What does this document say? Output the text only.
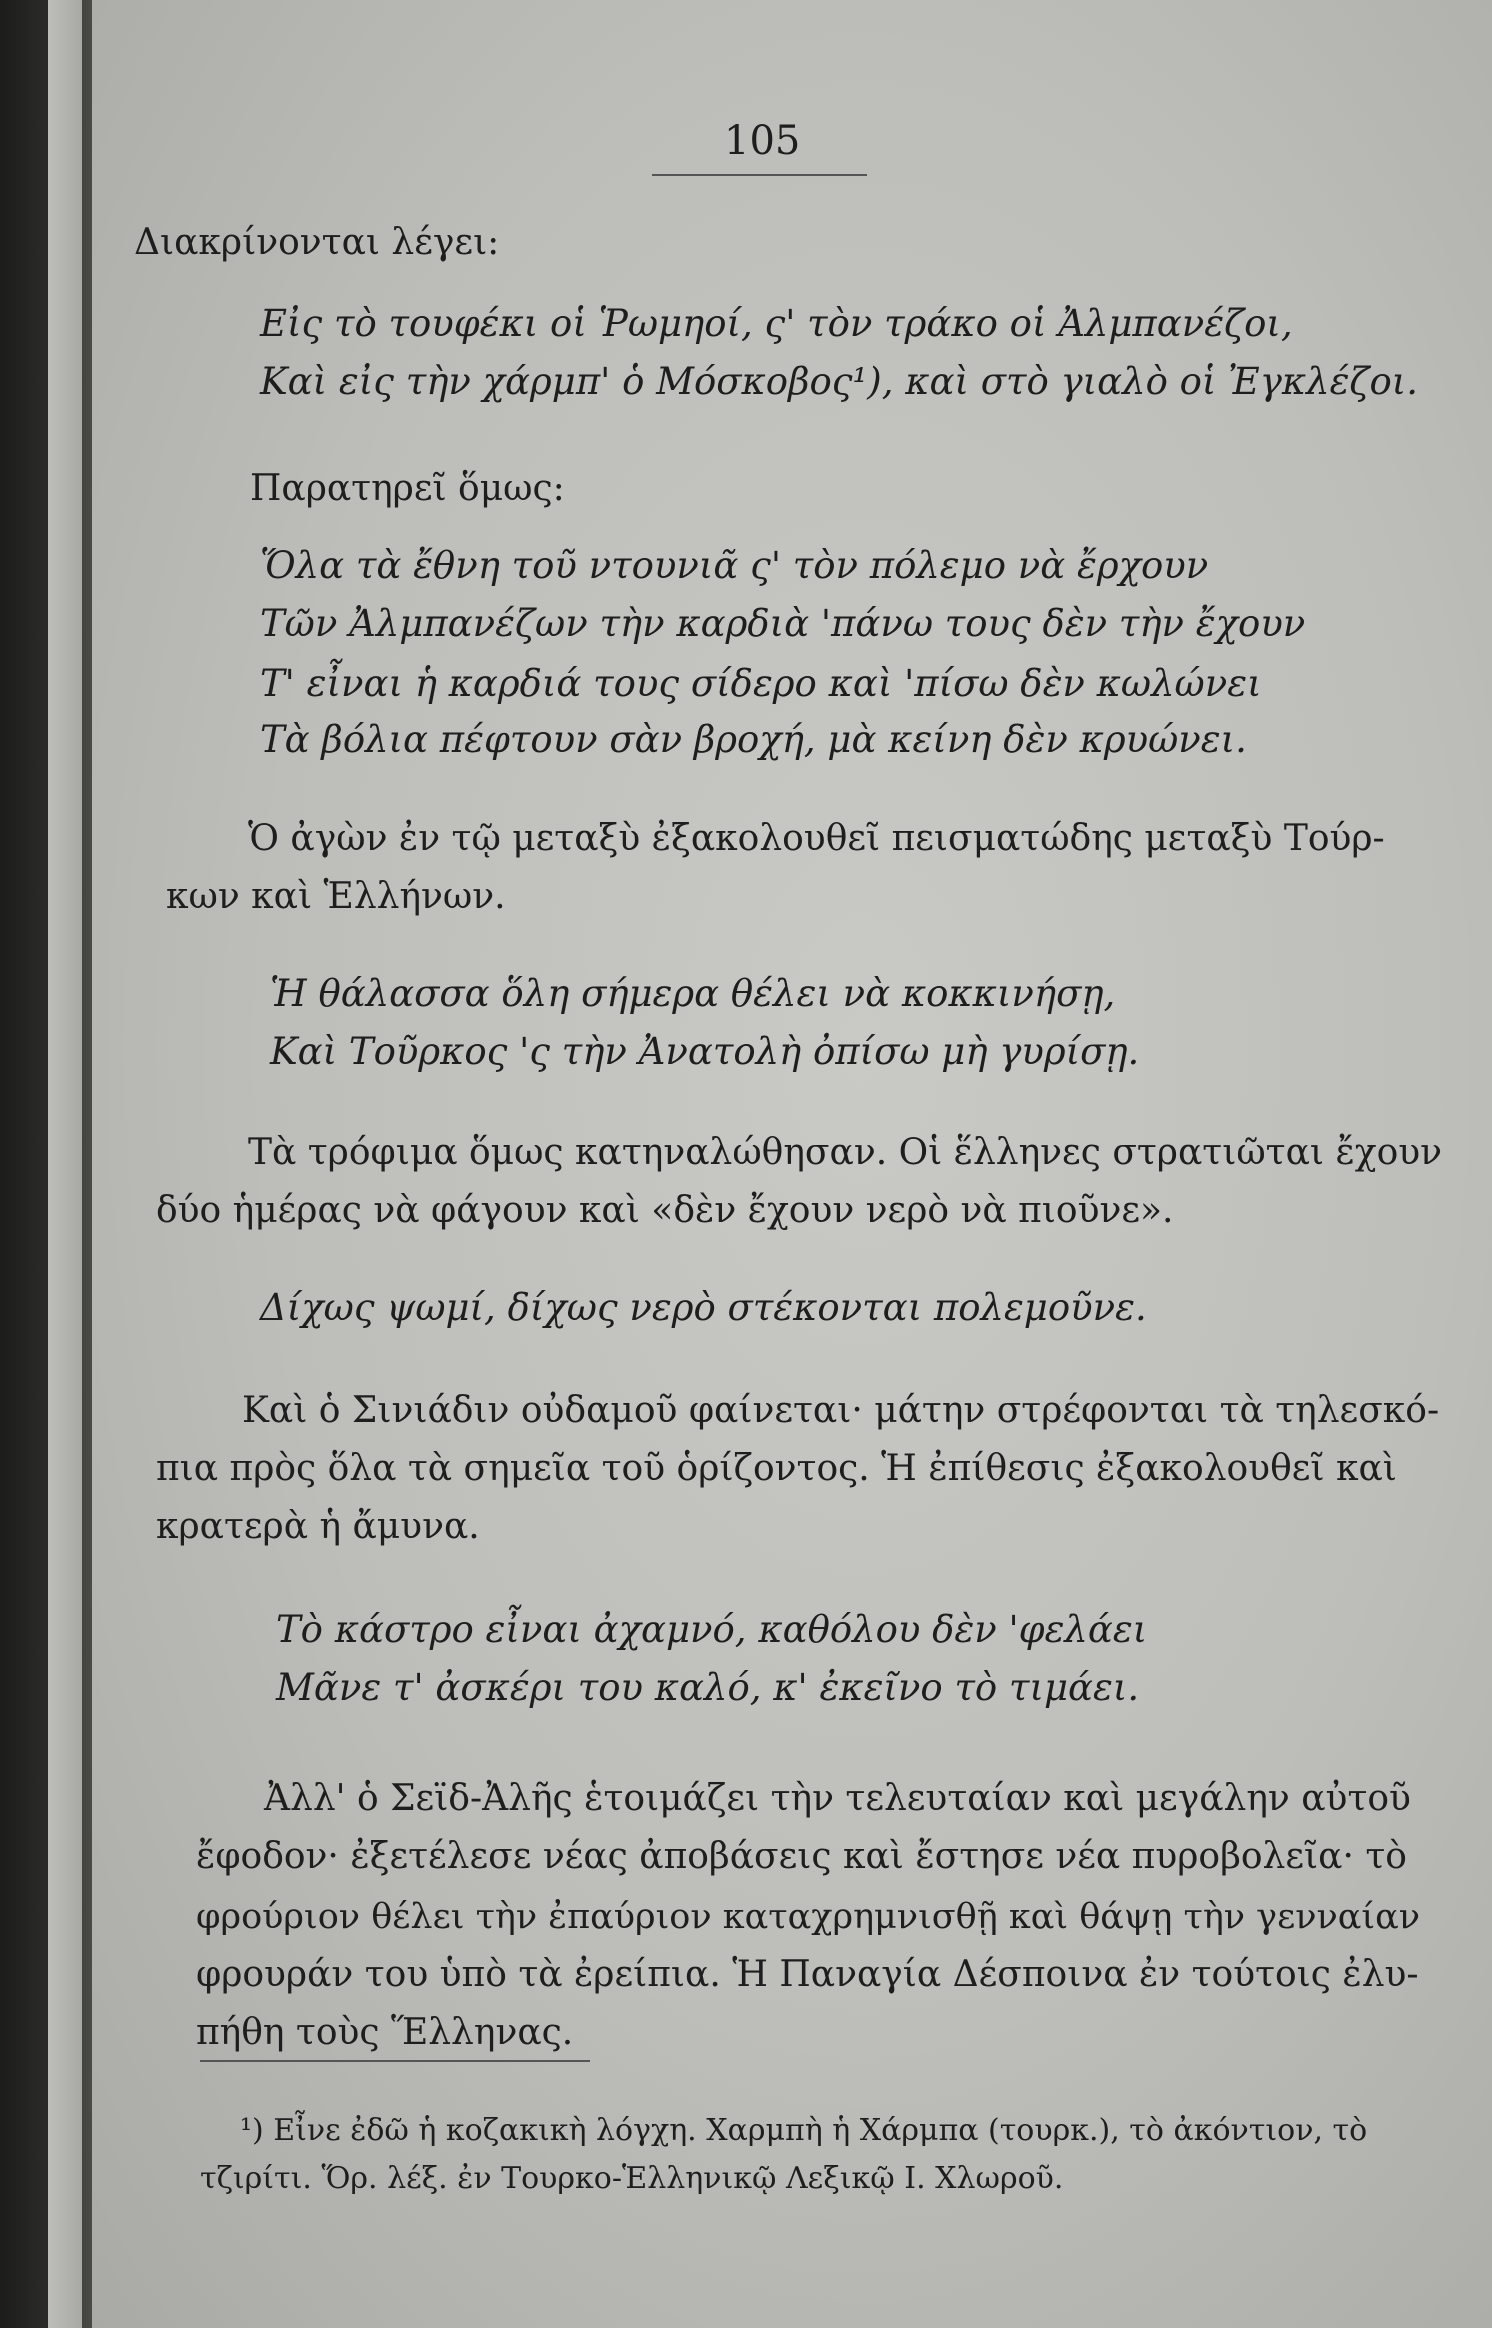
105
Διακρίνονται λέγει:
Εἰς τὸ τουφέκι οἱ Ῥωμηοί, ς' τὸν τράκο οἱ Ἀλμπανέζοι,
Καὶ εἰς τὴν χάρμπ' ὁ Μόσκοβος¹), καὶ στὸ γιαλὸ οἱ Ἐγκλέζοι.
Παρατηρεῖ ὅμως:
Ὅλα τὰ ἔθνη τοῦ ντουνιᾶ ς' τὸν πόλεμο νὰ ἔρχουν
Τῶν Ἀλμπανέζων τὴν καρδιὰ 'πάνω τους δὲν τὴν ἔχουν
Τ' εἶναι ἡ καρδιά τους σίδερο καὶ 'πίσω δὲν κωλώνει
Τὰ βόλια πέφτουν σὰν βροχή, μὰ κείνη δὲν κρυώνει.
Ὁ ἀγὼν ἐν τῷ μεταξὺ ἐξακολουθεῖ πεισματώδης μεταξὺ Τούρ-
κων καὶ Ἑλλήνων.
Ἡ θάλασσα ὅλη σήμερα θέλει νὰ κοκκινήσῃ,
Καὶ Τοῦρκος 'ς τὴν Ἀνατολὴ ὀπίσω μὴ γυρίσῃ.
Τὰ τρόφιμα ὅμως κατηναλώθησαν. Οἱ ἕλληνες στρατιῶται ἔχουν
δύο ἡμέρας νὰ φάγουν καὶ «δὲν ἔχουν νερὸ νὰ πιοῦνε».
Δίχως ψωμί, δίχως νερὸ στέκονται πολεμοῦνε.
Καὶ ὁ Σινιάδιν οὐδαμοῦ φαίνεται· μάτην στρέφονται τὰ τηλεσκό-
πια πρὸς ὅλα τὰ σημεῖα τοῦ ὁρίζοντος. Ἡ ἐπίθεσις ἐξακολουθεῖ καὶ
κρατερὰ ἡ ἄμυνα.
Τὸ κάστρο εἶναι ἀχαμνό, καθόλου δὲν 'φελάει
Μᾶνε τ' ἀσκέρι του καλό, κ' ἐκεῖνο τὸ τιμάει.
Ἀλλ' ὁ Σεϊδ-Ἀλῆς ἑτοιμάζει τὴν τελευταίαν καὶ μεγάλην αὐτοῦ
ἔφοδον· ἐξετέλεσε νέας ἀποβάσεις καὶ ἔστησε νέα πυροβολεῖα· τὸ
φρούριον θέλει τὴν ἐπαύριον καταχρημνισθῇ καὶ θάψῃ τὴν γενναίαν
φρουράν του ὑπὸ τὰ ἐρείπια. Ἡ Παναγία Δέσποινα ἐν τούτοις ἐλυ-
πήθη τοὺς Ἕλληνας.
¹) Εἶνε ἐδῶ ἡ κοζακικὴ λόγχη. Χαρμπὴ ἡ Χάρμπα (τουρκ.), τὸ ἀκόντιον, τὸ
τζιρίτι. Ὅρ. λέξ. ἐν Τουρκο-Ἑλληνικῷ Λεξικῷ Ι. Χλωροῦ.
